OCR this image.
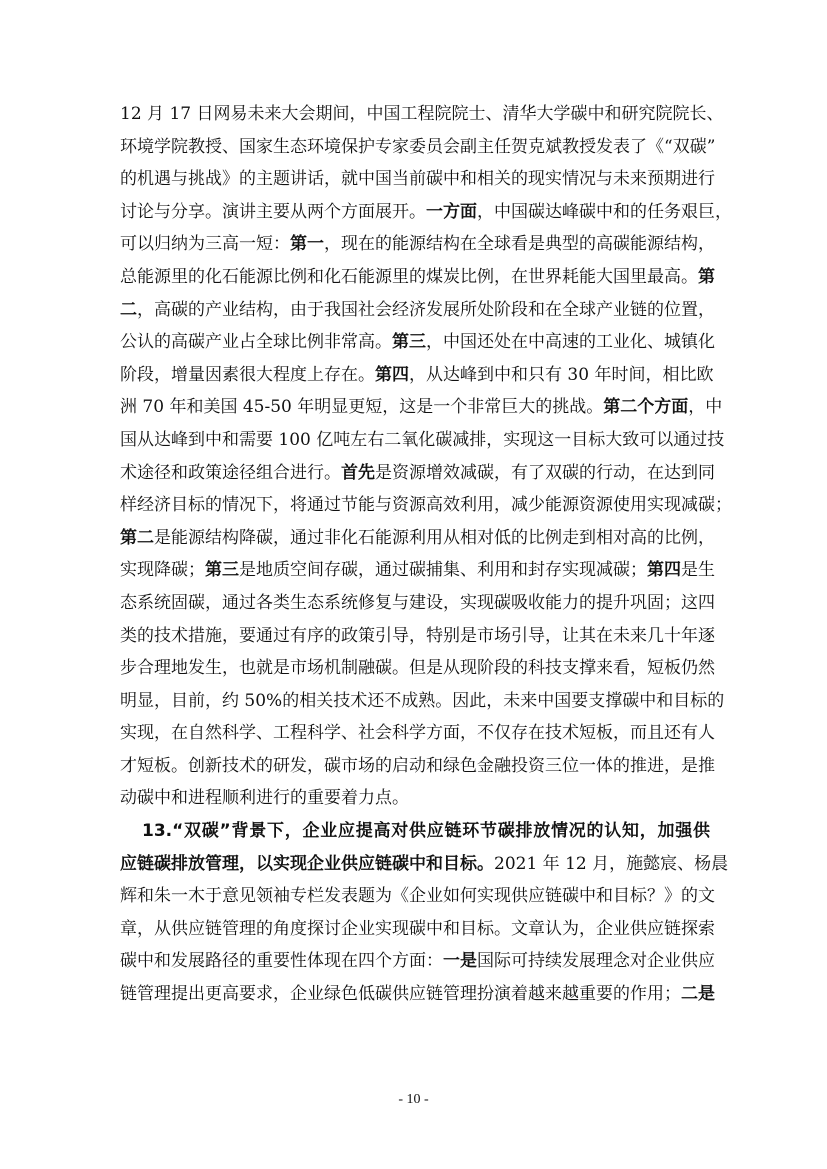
12 月 17 日网易未来大会期间，中国工程院院士、清华大学碳中和研究院院长、
环境学院教授、国家生态环境保护专家委员会副主任贺克斌教授发表了《“双碳”
的机遇与挑战》的主题讲话，就中国当前碳中和相关的现实情况与未来预期进行
讨论与分享。演讲主要从两个方面展开。一方面，中国碳达峰碳中和的任务艰巨，
可以归纳为三高一短：第一，现在的能源结构在全球看是典型的高碳能源结构，
总能源里的化石能源比例和化石能源里的煤炭比例，在世界耗能大国里最高。第
二，高碳的产业结构，由于我国社会经济发展所处阶段和在全球产业链的位置，
公认的高碳产业占全球比例非常高。第三，中国还处在中高速的工业化、城镇化
阶段，增量因素很大程度上存在。第四，从达峰到中和只有 30 年时间，相比欧
洲 70 年和美国 45-50 年明显更短，这是一个非常巨大的挑战。第二个方面，中
国从达峰到中和需要 100 亿吨左右二氧化碳减排，实现这一目标大致可以通过技
术途径和政策途径组合进行。首先是资源增效减碳，有了双碳的行动，在达到同
样经济目标的情况下，将通过节能与资源高效利用，减少能源资源使用实现减碳；
第二是能源结构降碳，通过非化石能源利用从相对低的比例走到相对高的比例，
实现降碳；第三是地质空间存碳，通过碳捕集、利用和封存实现减碳；第四是生
态系统固碳，通过各类生态系统修复与建设，实现碳吸收能力的提升巩固；这四
类的技术措施，要通过有序的政策引导，特别是市场引导，让其在未来几十年逐
步合理地发生，也就是市场机制融碳。但是从现阶段的科技支撑来看，短板仍然
明显，目前，约 50%的相关技术还不成熟。因此，未来中国要支撑碳中和目标的
实现，在自然科学、工程科学、社会科学方面，不仅存在技术短板，而且还有人
才短板。创新技术的研发，碳市场的启动和绿色金融投资三位一体的推进，是推
动碳中和进程顺利进行的重要着力点。
13.“双碳”背景下，企业应提高对供应链环节碳排放情况的认知，加强供
应链碳排放管理，以实现企业供应链碳中和目标。2021 年 12 月，施懿宸、杨晨
辉和朱一木于意见领袖专栏发表题为《企业如何实现供应链碳中和目标？》的文
章，从供应链管理的角度探讨企业实现碳中和目标。文章认为，企业供应链探索
碳中和发展路径的重要性体现在四个方面：一是国际可持续发展理念对企业供应
链管理提出更高要求，企业绿色低碳供应链管理扮演着越来越重要的作用；二是
- 10 -
